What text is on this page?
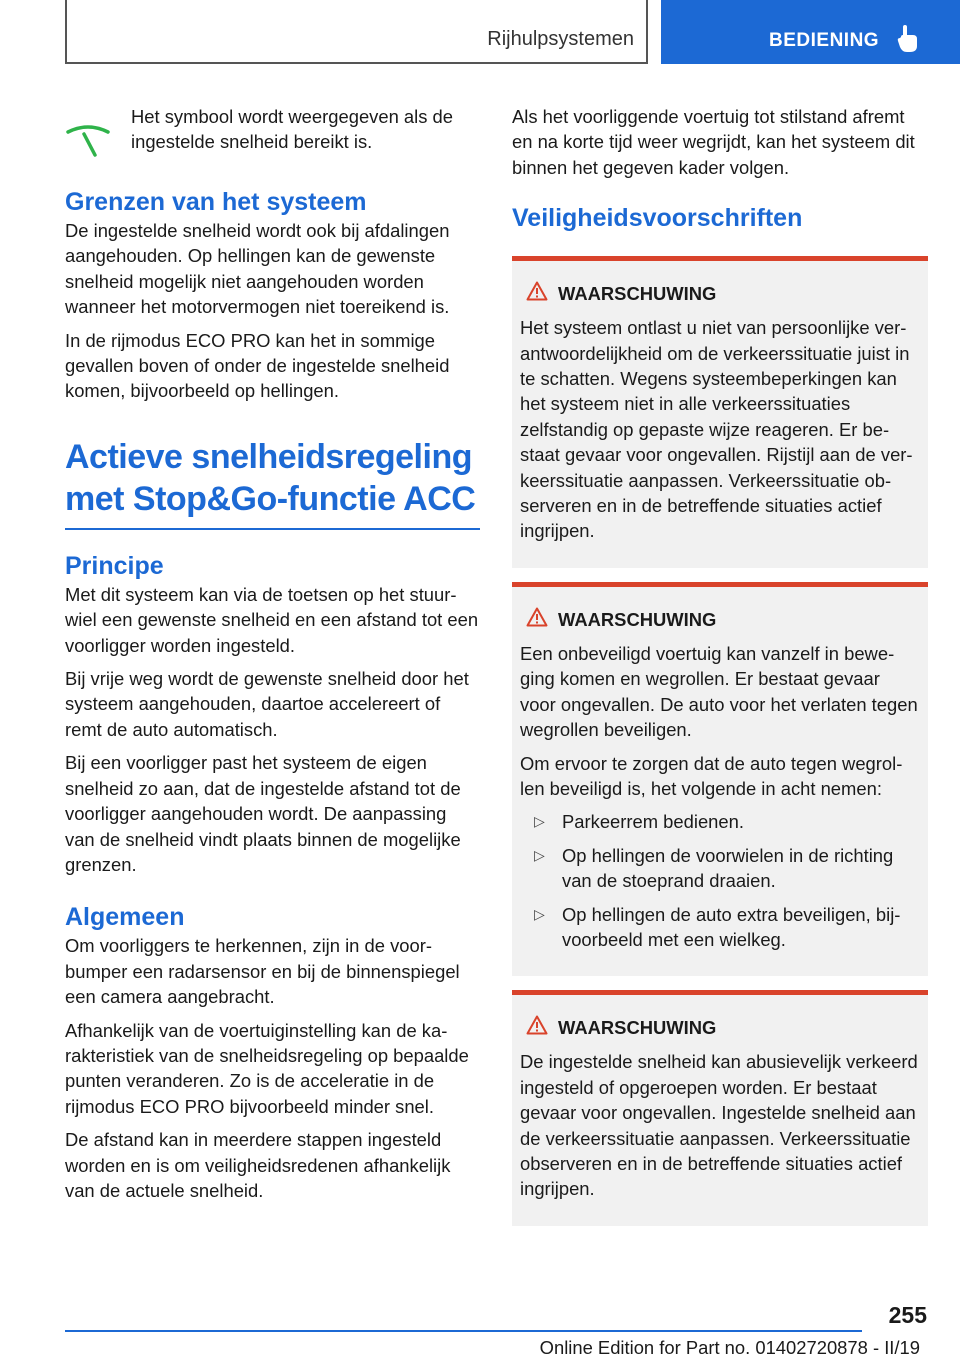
Rijhulpsystemen	BEDIENING

Het symbool wordt weergegeven als de ingestelde snelheid bereikt is.

Grenzen van het systeem

De ingestelde snelheid wordt ook bij afdalingen aangehouden. Op hellingen kan de gewenste snelheid mogelijk niet aangehouden worden wanneer het motorvermogen niet toereikend is.

In de rijmodus ECO PRO kan het in sommige gevallen boven of onder de ingestelde snelheid komen, bijvoorbeeld op hellingen.

Actieve snelheidsregeling met Stop&Go-functie ACC
Principe

Met dit systeem kan via de toetsen op het stuurwiel een gewenste snelheid en een afstand tot een voorligger worden ingesteld.

Bij vrije weg wordt de gewenste snelheid door het systeem aangehouden, daartoe accelereert of remt de auto automatisch.

Bij een voorligger past het systeem de eigen snelheid zo aan, dat de ingestelde afstand tot de voorligger aangehouden wordt. De aanpassing van de snelheid vindt plaats binnen de mogelijke grenzen.

Algemeen

Om voorliggers te herkennen, zijn in de voorbumper een radarsensor en bij de binnenspiegel een camera aangebracht.

Afhankelijk van de voertuiginstelling kan de karakteristiek van de snelheidsregeling op bepaalde punten veranderen. Zo is de acceleratie in de rijmodus ECO PRO bijvoorbeeld minder snel.

De afstand kan in meerdere stappen ingesteld worden en is om veiligheidsredenen afhankelijk van de actuele snelheid.

Als het voorliggende voertuig tot stilstand afremt en na korte tijd weer wegrijdt, kan het systeem dit binnen het gegeven kader volgen.

Veiligheidsvoorschriften
WAARSCHUWING

Het systeem ontlast u niet van persoonlijke verantwoordelijkheid om de verkeerssituatie juist in te schatten. Wegens systeembeperkingen kan het systeem niet in alle verkeerssituaties zelfstandig op gepaste wijze reageren. Er bestaat gevaar voor ongevallen. Rijstijl aan de verkeerssituatie aanpassen. Verkeerssituatie observeren en in de betreffende situaties actief ingrijpen.

WAARSCHUWING

Een onbeveiligd voertuig kan vanzelf in beweging komen en wegrollen. Er bestaat gevaar voor ongevallen. De auto voor het verlaten tegen wegrollen beveiligen.

Om ervoor te zorgen dat de auto tegen wegrollen beveiligd is, het volgende in acht nemen:

▷ Parkeerrem bedienen.
▷ Op hellingen de voorwielen in de richting van de stoeprand draaien.
▷ Op hellingen de auto extra beveiligen, bijvoorbeeld met een wielkeg.
WAARSCHUWING

De ingestelde snelheid kan abusievelijk verkeerd ingesteld of opgeroepen worden. Er bestaat gevaar voor ongevallen. Ingestelde snelheid aan de verkeerssituatie aanpassen. Verkeerssituatie observeren en in de betreffende situaties actief ingrijpen.

255
Online Edition for Part no. 01402720878 - II/19
